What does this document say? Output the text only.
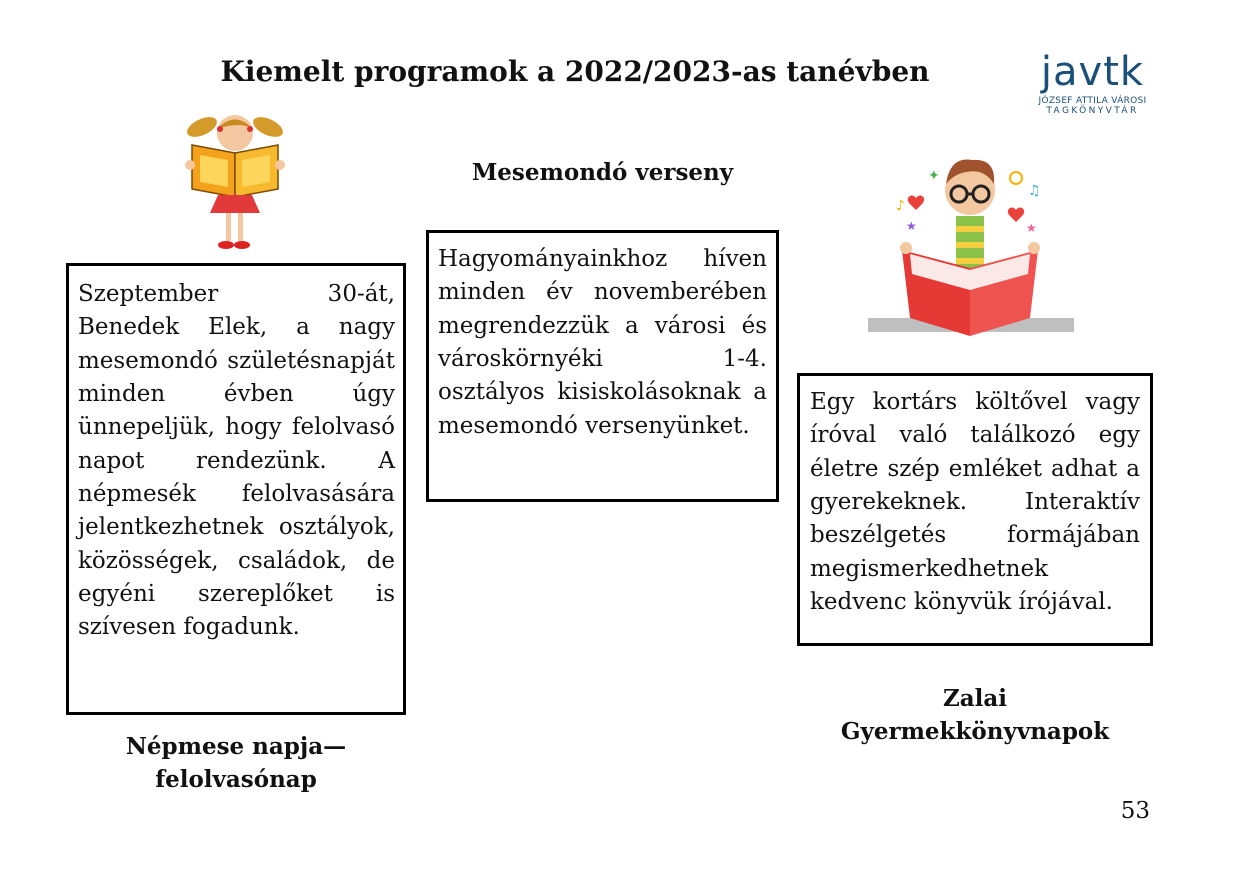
Kiemelt programok a 2022/2023-as tanévben	javtk
JÓZSEF ATTILA VÁROSI
TAGKÖNYVTÁR
Mesemondó verseny
Szeptember 30-át, Benedek Elek, a nagy mesemondó születésnapját minden évben úgy ünnepeljük, hogy felolvasó napot rendezünk. A népmesék felolvasására jelentkezhetnek osztályok, közösségek, családok, de egyéni szereplőket is szívesen fogadunk.
Népmese napja—
felolvasónap
Hagyományainkhoz híven minden év novemberében megrendezzük a városi és városkörnyéki 1-4. osztályos kisiskolásoknak a mesemondó versenyünket.
♪
♫
✦
★	★
Egy kortárs költővel vagy íróval való találkozó egy életre szép emléket adhat a gyerekeknek. Interaktív beszélgetés formájában megismerkedhetnek kedvenc könyvük írójával.
Zalai
Gyermekkönyvnapok
53
